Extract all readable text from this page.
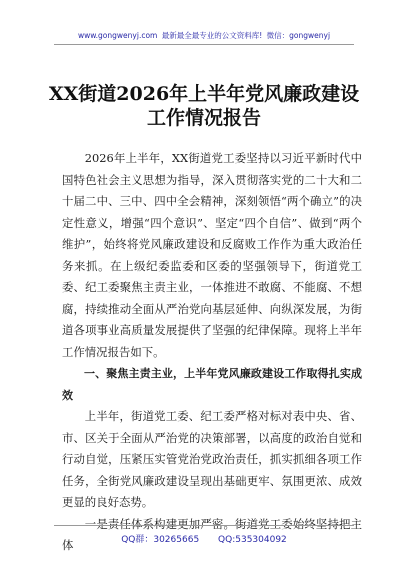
www.gongwenyj.com 最新最全最专业的公文资料库! 微信：gongwenyj
XX街道2026年上半年党风廉政建设工作情况报告

2026年上半年，XX街道党工委坚持以习近平新时代中国特色社会主义思想为指导，深入贯彻落实党的二十大和二十届二中、三中、四中全会精神，深刻领悟“两个确立”的决定性意义，增强“四个意识”、坚定“四个自信”、做到“两个维护”，始终将党风廉政建设和反腐败工作作为重大政治任务来抓。在上级纪委监委和区委的坚强领导下，街道党工委、纪工委聚焦主责主业，一体推进不敢腐、不能腐、不想腐，持续推动全面从严治党向基层延伸、向纵深发展，为街道各项事业高质量发展提供了坚强的纪律保障。现将上半年工作情况报告如下。

一、聚焦主责主业，上半年党风廉政建设工作取得扎实成效

上半年，街道党工委、纪工委严格对标对表中央、省、市、区关于全面从严治党的决策部署，以高度的政治自觉和行动自觉，压紧压实管党治党政治责任，抓实抓细各项工作任务，全街党风廉政建设呈现出基础更牢、氛围更浓、成效更显的良好态势。

一是责任体系构建更加严密。街道党工委始终坚持把主体	QQ群：30265665 QQ:535304092
